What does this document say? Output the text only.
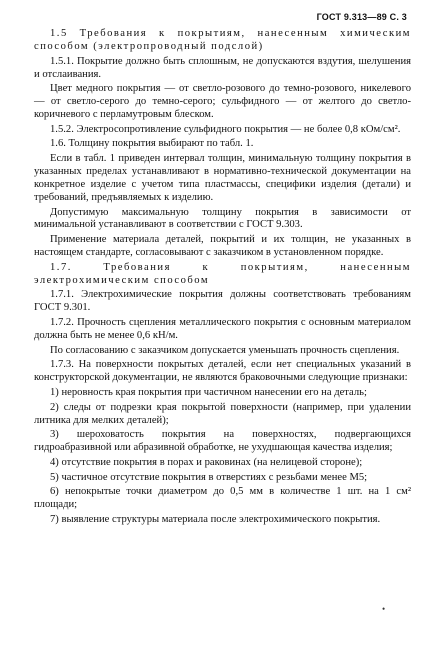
ГОСТ 9.313—89 С. 3

1.5 Требования к покрытиям, нанесенным химическим способом (электропроводный подслой)

1.5.1. Покрытие должно быть сплошным, не допускаются вздутия, шелушения и отслаивания.

Цвет медного покрытия — от светло-розового до темно-розового, никелевого — от светло-серого до темно-серого; сульфидного — от желтого до светло-коричневого с перламутровым блеском.

1.5.2. Электросопротивление сульфидного покрытия — не более 0,8 кОм/см².

1.6. Толщину покрытия выбирают по табл. 1.

Если в табл. 1 приведен интервал толщин, минимальную толщину покрытия в указанных пределах устанавливают в нормативно-технической документации на конкретное изделие с учетом типа пластмассы, специфики изделия (детали) и требований, предъявляемых к изделию.

Допустимую максимальную толщину покрытия в зависимости от минимальной устанавливают в соответствии с ГОСТ 9.303.

Применение материала деталей, покрытий и их толщин, не указанных в настоящем стандарте, согласовывают с заказчиком в установленном порядке.

1.7. Требования к покрытиям, нанесенным электрохимическим способом

1.7.1. Электрохимические покрытия должны соответствовать требованиям ГОСТ 9.301.

1.7.2. Прочность сцепления металлического покрытия с основным материалом должна быть не менее 0,6 кН/м.

По согласованию с заказчиком допускается уменьшать прочность сцепления.

1.7.3. На поверхности покрытых деталей, если нет специальных указаний в конструкторской документации, не являются браковочными следующие признаки:

1) неровность края покрытия при частичном нанесении его на деталь;

2) следы от подрезки края покрытой поверхности (например, при удалении литника для мелких деталей);

3) шероховатость покрытия на поверхностях, подвергающихся гидроабразивной или абразивной обработке, не ухудшающая качества изделия;

4) отсутствие покрытия в порах и раковинах (на нелицевой стороне);

5) частичное отсутствие покрытия в отверстиях с резьбами менее М5;

6) непокрытые точки диаметром до 0,5 мм в количестве 1 шт. на 1 см² площади;

7) выявление структуры материала после электрохимического покрытия.

•
